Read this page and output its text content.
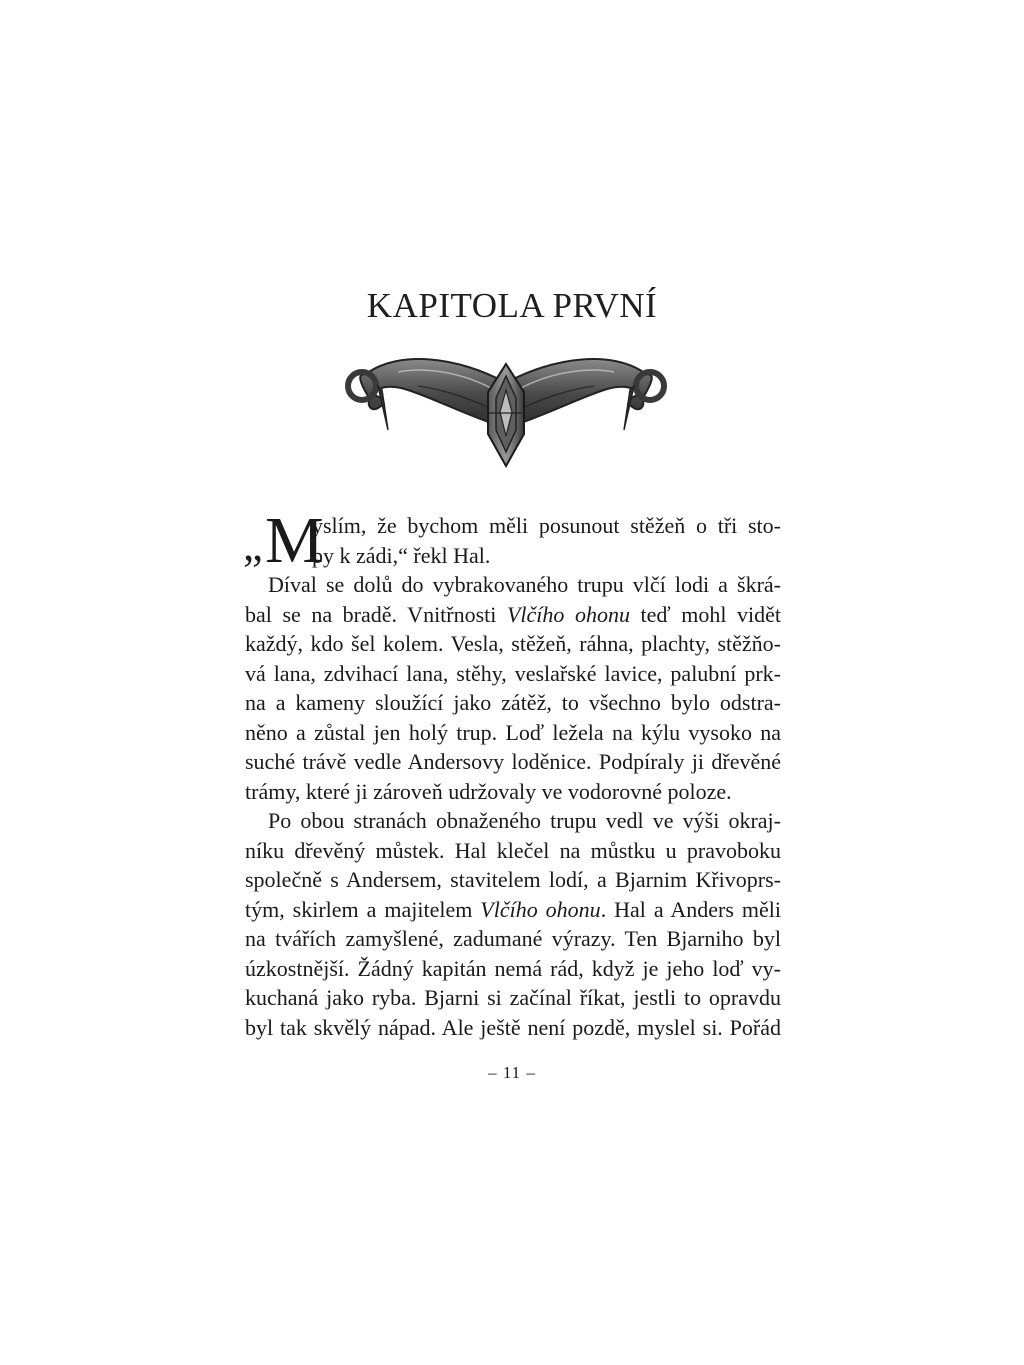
KAPITOLA PRVNÍ
„ M
yslím, že bychom měli posunout stěžeň o tři sto-
py k zádi,“ řekl Hal.
Díval se dolů do vybrakovaného trupu vlčí lodi a škrá-
bal se na bradě. Vnitřnosti Vlčího ohonu teď mohl vidět
každý, kdo šel kolem. Vesla, stěžeň, ráhna, plachty, stěžňo-
vá lana, zdvihací lana, stěhy, veslařské lavice, palubní prk-
na a kameny sloužící jako zátěž, to všechno bylo odstra-
něno a zůstal jen holý trup. Loď ležela na kýlu vysoko na
suché trávě vedle Andersovy loděnice. Podpíraly ji dřevěné
trámy, které ji zároveň udržovaly ve vodorovné poloze.
Po obou stranách obnaženého trupu vedl ve výši okraj-
níku dřevěný můstek. Hal klečel na můstku u pravoboku
společně s Andersem, stavitelem lodí, a Bjarnim Křivoprs-
tým, skirlem a majitelem Vlčího ohonu. Hal a Anders měli
na tvářích zamyšlené, zadumané výrazy. Ten Bjarniho byl
úzkostnější. Žádný kapitán nemá rád, když je jeho loď vy-
kuchaná jako ryba. Bjarni si začínal říkat, jestli to opravdu
byl tak skvělý nápad. Ale ještě není pozdě, myslel si. Pořád
– 11 –
